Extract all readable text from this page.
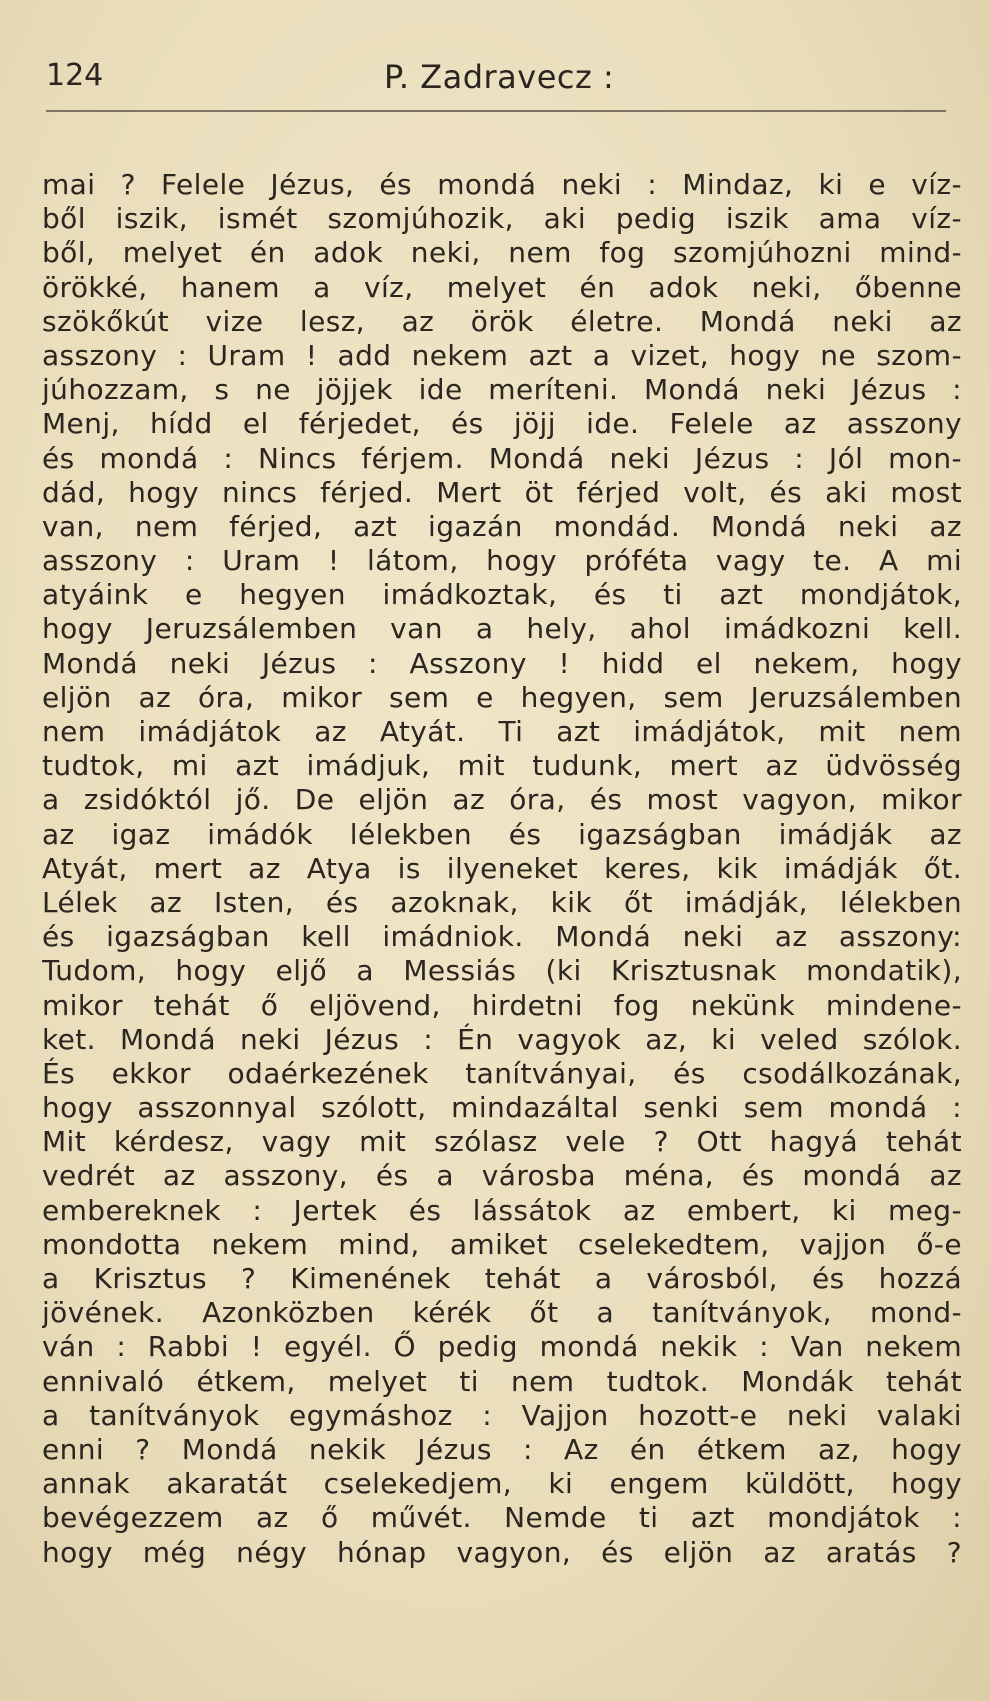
124	P. Zadravecz :
mai ? Felele Jézus, és mondá neki : Mindaz, ki e víz-
ből iszik, ismét szomjúhozik, aki pedig iszik ama víz-
ből, melyet én adok neki, nem fog szomjúhozni mind-
örökké, hanem a víz, melyet én adok neki, őbenne
szökőkút vize lesz, az örök életre. Mondá neki az
asszony : Uram ! add nekem azt a vizet, hogy ne szom-
júhozzam, s ne jöjjek ide meríteni. Mondá neki Jézus :
Menj, hídd el férjedet, és jöjj ide. Felele az asszony
és mondá : Nincs férjem. Mondá neki Jézus : Jól mon-
dád, hogy nincs férjed. Mert öt férjed volt, és aki most
van, nem férjed, azt igazán mondád. Mondá neki az
asszony : Uram ! látom, hogy próféta vagy te. A mi
atyáink e hegyen imádkoztak, és ti azt mondjátok,
hogy Jeruzsálemben van a hely, ahol imádkozni kell.
Mondá neki Jézus : Asszony ! hidd el nekem, hogy
eljön az óra, mikor sem e hegyen, sem Jeruzsálemben
nem imádjátok az Atyát. Ti azt imádjátok, mit nem
tudtok, mi azt imádjuk, mit tudunk, mert az üdvösség
a zsidóktól jő. De eljön az óra, és most vagyon, mikor
az igaz imádók lélekben és igazságban imádják az
Atyát, mert az Atya is ilyeneket keres, kik imádják őt.
Lélek az Isten, és azoknak, kik őt imádják, lélekben
és igazságban kell imádniok. Mondá neki az asszony:
Tudom, hogy eljő a Messiás (ki Krisztusnak mondatik),
mikor tehát ő eljövend, hirdetni fog nekünk mindene-
ket. Mondá neki Jézus : Én vagyok az, ki veled szólok.
És ekkor odaérkezének tanítványai, és csodálkozának,
hogy asszonnyal szólott, mindazáltal senki sem mondá :
Mit kérdesz, vagy mit szólasz vele ? Ott hagyá tehát
vedrét az asszony, és a városba ména, és mondá az
embereknek : Jertek és lássátok az embert, ki meg-
mondotta nekem mind, amiket cselekedtem, vajjon ő-e
a Krisztus ? Kimenének tehát a városból, és hozzá
jövének. Azonközben kérék őt a tanítványok, mond-
ván : Rabbi ! egyél. Ő pedig mondá nekik : Van nekem
ennivaló étkem, melyet ti nem tudtok. Mondák tehát
a tanítványok egymáshoz : Vajjon hozott-e neki valaki
enni ? Mondá nekik Jézus : Az én étkem az, hogy
annak akaratát cselekedjem, ki engem küldött, hogy
bevégezzem az ő művét. Nemde ti azt mondjátok :
hogy még négy hónap vagyon, és eljön az aratás ?
